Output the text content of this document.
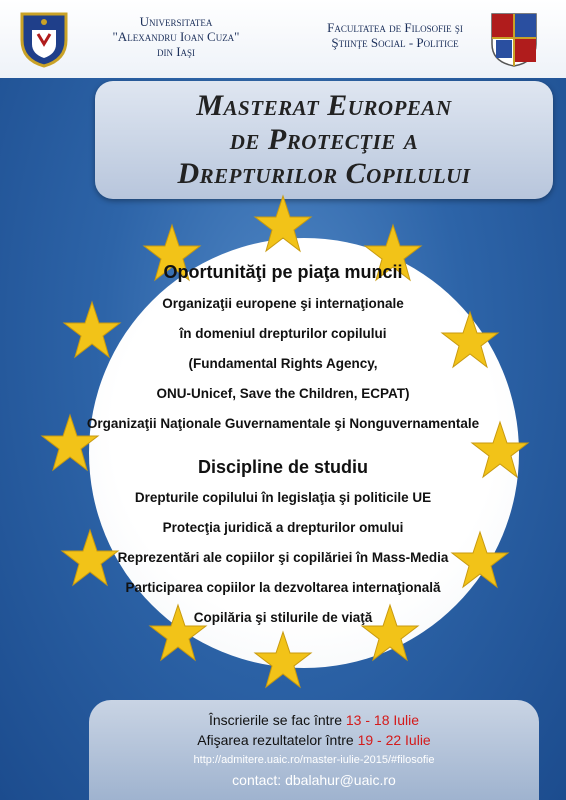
Universitatea
"Alexandru Ioan Cuza"
din Iaşi
Facultatea de Filosofie şi
Ştiinţe Social - Politice
Masterat European
de Protecţie a
Drepturilor Copilului
Oportunităţi pe piaţa muncii
Organizaţii europene şi internaţionale
în domeniul drepturilor copilului
(Fundamental Rights Agency,
ONU-Unicef, Save the Children, ECPAT)
Organizaţii Naţionale Guvernamentale şi Nonguvernamentale
Discipline de studiu
Drepturile copilului în legislaţia şi politicile UE
Protecţia juridică a drepturilor omului
Reprezentări ale copiilor şi copilăriei în Mass-Media
Participarea copiilor la dezvoltarea internaţională
Copilăria şi stilurile de viaţă
Înscrierile se fac între 13 - 18 Iulie
Afişarea rezultatelor între 19 - 22 Iulie
http://admitere.uaic.ro/master-iulie-2015/#filosofie
contact: dbalahur@uaic.ro
